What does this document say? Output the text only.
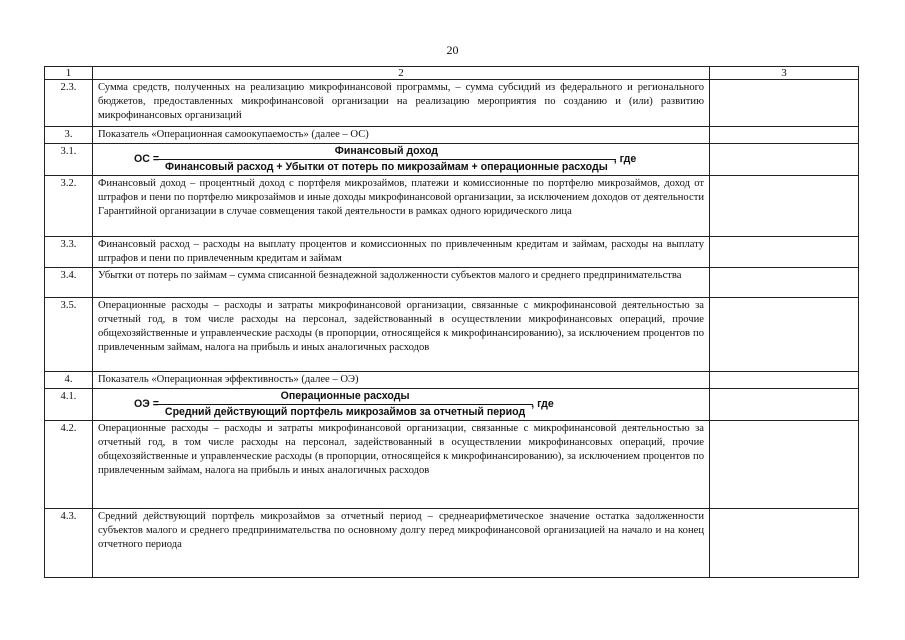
20
1	2	3
2.3.	Сумма средств, полученных на реализацию микрофинансовой программы, – сумма субсидий из федерального и регионального бюджетов, предоставленных микрофинансовой организации на реализацию мероприятия по созданию и (или) развитию микрофинансовых организаций	
3.	Показатель «Операционная самоокупаемость» (далее – ОС)	
3.1.	ОС =
Финансовый доход
Финансовый расход + Убытки от потерь по микрозаймам + операционные расходы
, где	

3.2.	Финансовый доход – процентный доход с портфеля микрозаймов, платежи и комиссионные по портфелю микрозаймов, доход от штрафов и пени по портфелю микрозаймов и иные доходы микрофинансовой организации, за исключением доходов от деятельности Гарантийной организации в случае совмещения такой деятельности в рамках одного юридического лица	
3.3.	Финансовый расход – расходы на выплату процентов и комиссионных по привлеченным кредитам и займам, расходы на выплату штрафов и пени по привлеченным кредитам и займам	
3.4.	Убытки от потерь по займам – сумма списанной безнадежной задолженности субъектов малого и среднего предпринимательства	
3.5.	Операционные расходы – расходы и затраты микрофинансовой организации, связанные с микрофинансовой деятельностью за отчетный год, в том числе расходы на персонал, задействованный в осуществлении микрофинансовых операций, прочие общехозяйственные и управленческие расходы (в пропорции, относящейся к микрофинансированию), за исключением процентов по привлеченным займам, налога на прибыль и иных аналогичных расходов	
4.	Показатель «Операционная эффективность» (далее – ОЭ)	
4.1.	ОЭ = $\frac{\text{Операционные расходы}}{\text{Средний действующий портфель микрозаймов за отчетный период}}$ , где	

4.2.	Операционные расходы – расходы и затраты микрофинансовой организации, связанные с микрофинансовой деятельностью за отчетный год, в том числе расходы на персонал, задействованный в осуществлении микрофинансовых операций, прочие общехозяйственные и управленческие расходы (в пропорции, относящейся к микрофинансированию), за исключением процентов по привлеченным займам, налога на прибыль и иных аналогичных расходов	
4.3.	Средний действующий портфель микрозаймов за отчетный период – среднеарифметическое значение остатка задолженности субъектов малого и среднего предпринимательства по основному долгу перед микрофинансовой организацией на начало и на конец отчетного периода	
